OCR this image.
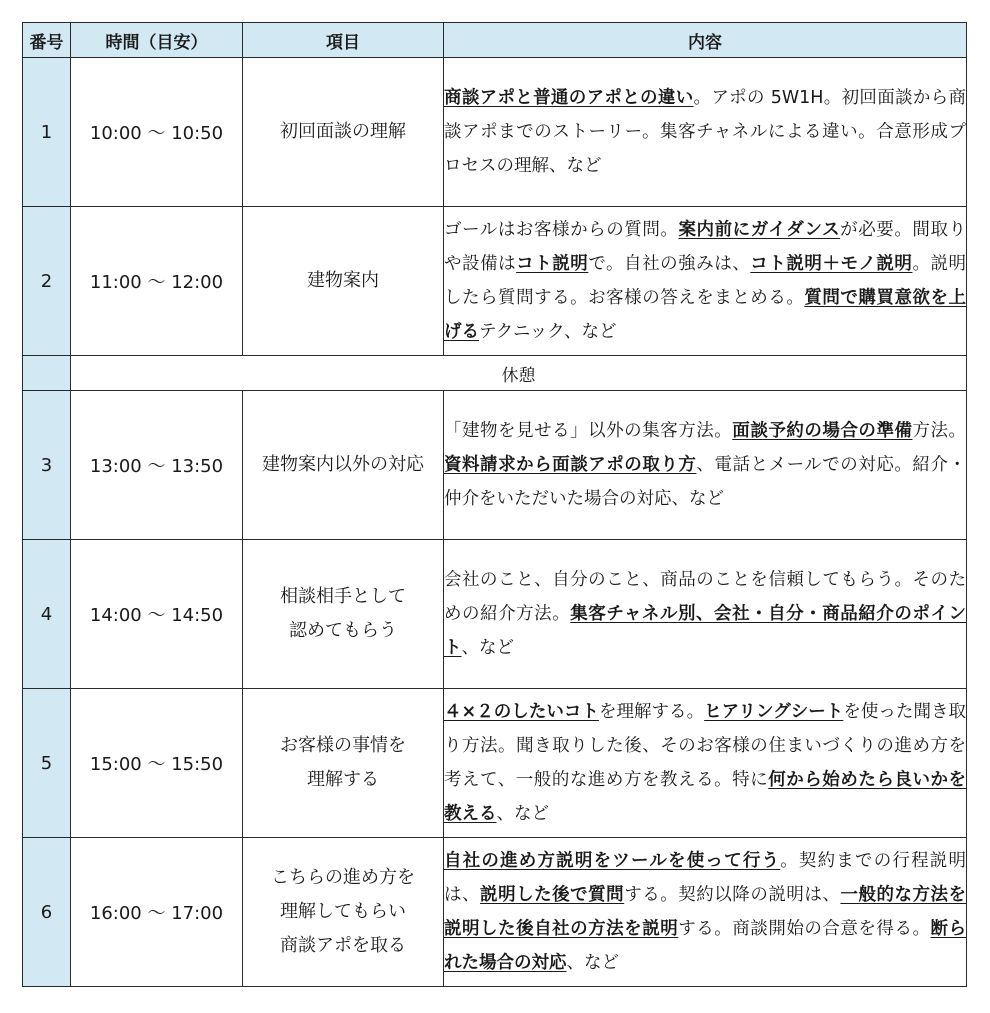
番号	時間（目安）	項目	内容
1	10:00 〜 10:50	初回面談の理解	商談アポと普通のアポとの違い。アポの 5W1H。初回面談から商談アポまでのストーリー。集客チャネルによる違い。合意形成プロセスの理解、など
2	11:00 〜 12:00	建物案内	ゴールはお客様からの質問。案内前にガイダンスが必要。間取りや設備はコト説明で。自社の強みは、コト説明＋モノ説明。説明したら質問する。お客様の答えをまとめる。質問で購買意欲を上げるテクニック、など
	休憩		
3	13:00 〜 13:50	建物案内以外の対応	「建物を見せる」以外の集客方法。面談予約の場合の準備方法。資料請求から面談アポの取り方、電話とメールでの対応。紹介・仲介をいただいた場合の対応、など
4	14:00 〜 14:50	相談相手として
認めてもらう	会社のこと、自分のこと、商品のことを信頼してもらう。そのための紹介方法。集客チャネル別、会社・自分・商品紹介のポイント、など
5	15:00 〜 15:50	お客様の事情を
理解する	４×２のしたいコトを理解する。ヒアリングシートを使った聞き取り方法。聞き取りした後、そのお客様の住まいづくりの進め方を考えて、一般的な進め方を教える。特に何から始めたら良いかを教える、など
6	16:00 〜 17:00	こちらの進め方を
理解してもらい
商談アポを取る	自社の進め方説明をツールを使って行う。契約までの行程説明は、説明した後で質問する。契約以降の説明は、一般的な方法を説明した後自社の方法を説明する。商談開始の合意を得る。断られた場合の対応、など
